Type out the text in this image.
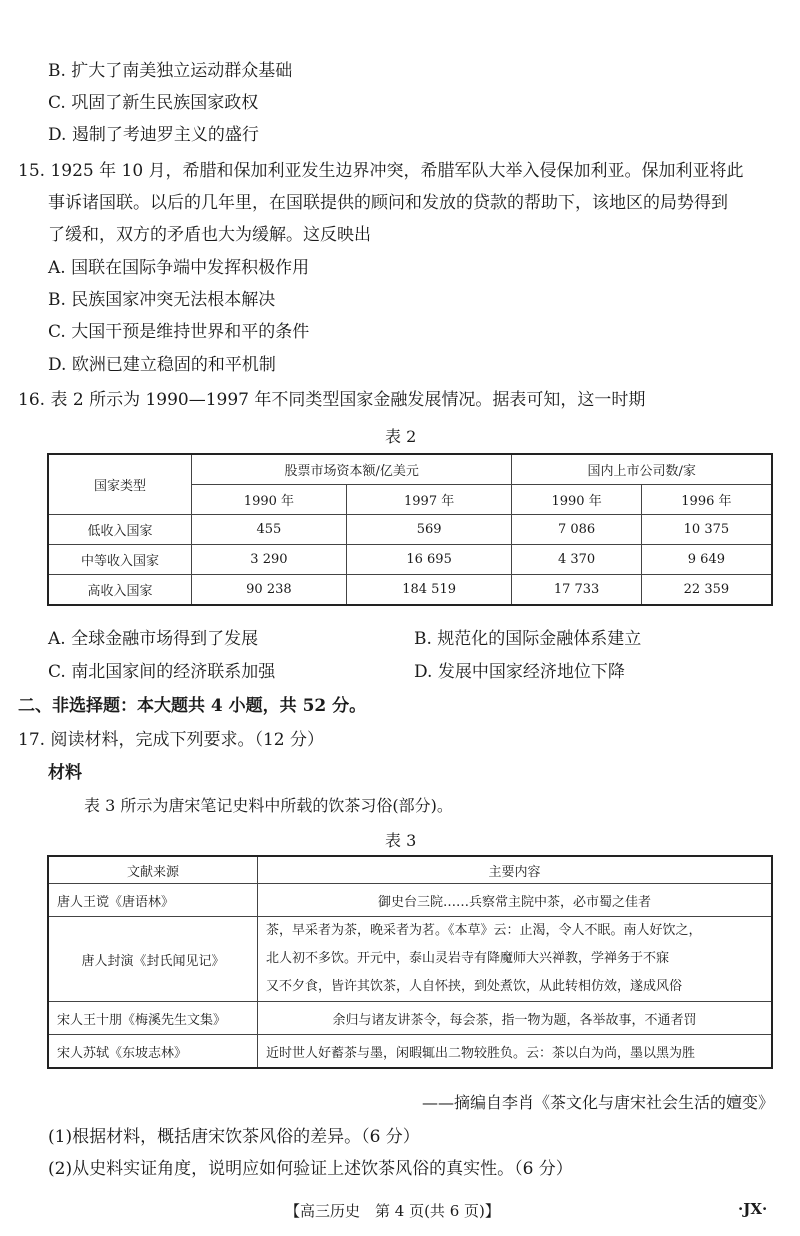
B. 扩大了南美独立运动群众基础
C. 巩固了新生民族国家政权
D. 遏制了考迪罗主义的盛行
15. 1925 年 10 月，希腊和保加利亚发生边界冲突，希腊军队大举入侵保加利亚。保加利亚将此
事诉诸国联。以后的几年里，在国联提供的顾问和发放的贷款的帮助下，该地区的局势得到
了缓和，双方的矛盾也大为缓解。这反映出
A. 国联在国际争端中发挥积极作用
B. 民族国家冲突无法根本解决
C. 大国干预是维持世界和平的条件
D. 欧洲已建立稳固的和平机制
16. 表 2 所示为 1990—1997 年不同类型国家金融发展情况。据表可知，这一时期
表 2
国家类型	股票市场资本额/亿美元		国内上市公司数/家	
	1990 年	1997 年	1990 年	1996 年
低收入国家	455	569	7 086	10 375
中等收入国家	3 290	16 695	4 370	9 649
高收入国家	90 238	184 519	17 733	22 359
A. 全球金融市场得到了发展	B. 规范化的国际金融体系建立
C. 南北国家间的经济联系加强	D. 发展中国家经济地位下降
二、非选择题：本大题共 4 小题，共 52 分。
17. 阅读材料，完成下列要求。（12 分）
材料
表 3 所示为唐宋笔记史料中所载的饮茶习俗(部分)。
表 3
文献来源	主要内容
唐人王谠《唐语林》	御史台三院……兵察常主院中茶，必市蜀之佳者
唐人封演《封氏闻见记》	茶，早采者为茶，晚采者为茗。《本草》云：止渴，令人不眠。南人好饮之，
北人初不多饮。开元中，泰山灵岩寺有降魔师大兴禅教，学禅务于不寐
又不夕食，皆许其饮茶，人自怀挟，到处煮饮，从此转相仿效，遂成风俗

宋人王十朋《梅溪先生文集》	余归与诸友讲茶令，每会茶，指一物为题，各举故事，不通者罚
宋人苏轼《东坡志林》	近时世人好蓄茶与墨，闲暇辄出二物较胜负。云：茶以白为尚，墨以黑为胜
——摘编自李肖《茶文化与唐宋社会生活的嬗变》
(1)根据材料，概括唐宋饮茶风俗的差异。（6 分）
(2)从史料实证角度，说明应如何验证上述饮茶风俗的真实性。（6 分）
【高三历史　第 4 页(共 6 页)】	·JX·
